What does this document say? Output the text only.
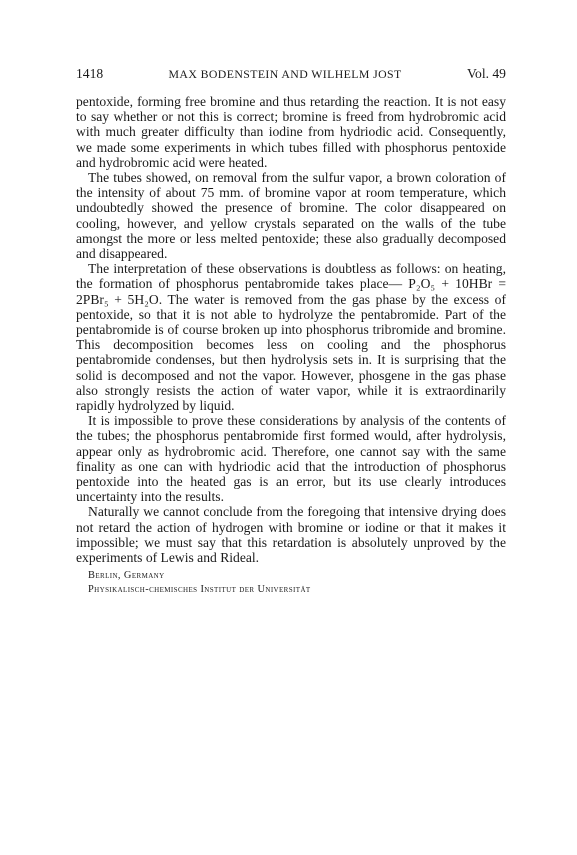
1418	MAX BODENSTEIN AND WILHELM JOST	Vol. 49

pentoxide, forming free bromine and thus retarding the reaction. It is not easy to say whether or not this is correct; bromine is freed from hydrobromic acid with much greater difficulty than iodine from hydriodic acid. Consequently, we made some experiments in which tubes filled with phosphorus pentoxide and hydrobromic acid were heated.

The tubes showed, on removal from the sulfur vapor, a brown coloration of the intensity of about 75 mm. of bromine vapor at room temperature, which undoubtedly showed the presence of bromine. The color disappeared on cooling, however, and yellow crystals separated on the walls of the tube amongst the more or less melted pentoxide; these also gradually decomposed and disappeared.

The interpretation of these observations is doubtless as follows: on heating, the formation of phosphorus pentabromide takes place— P₂O₅ + 10HBr = 2PBr₅ + 5H₂O. The water is removed from the gas phase by the excess of pentoxide, so that it is not able to hydrolyze the pentabromide. Part of the pentabromide is of course broken up into phosphorus tribromide and bromine. This decomposition becomes less on cooling and the phosphorus pentabromide condenses, but then hydrolysis sets in. It is surprising that the solid is decomposed and not the vapor. However, phosgene in the gas phase also strongly resists the action of water vapor, while it is extraordinarily rapidly hydrolyzed by liquid.

It is impossible to prove these considerations by analysis of the contents of the tubes; the phosphorus pentabromide first formed would, after hydrolysis, appear only as hydrobromic acid. Therefore, one cannot say with the same finality as one can with hydriodic acid that the introduction of phosphorus pentoxide into the heated gas is an error, but its use clearly introduces uncertainty into the results.

Naturally we cannot conclude from the foregoing that intensive drying does not retard the action of hydrogen with bromine or iodine or that it makes it impossible; we must say that this retardation is absolutely unproved by the experiments of Lewis and Rideal.

Berlin, Germany
Physikalisch-chemisches Institut der Universität
